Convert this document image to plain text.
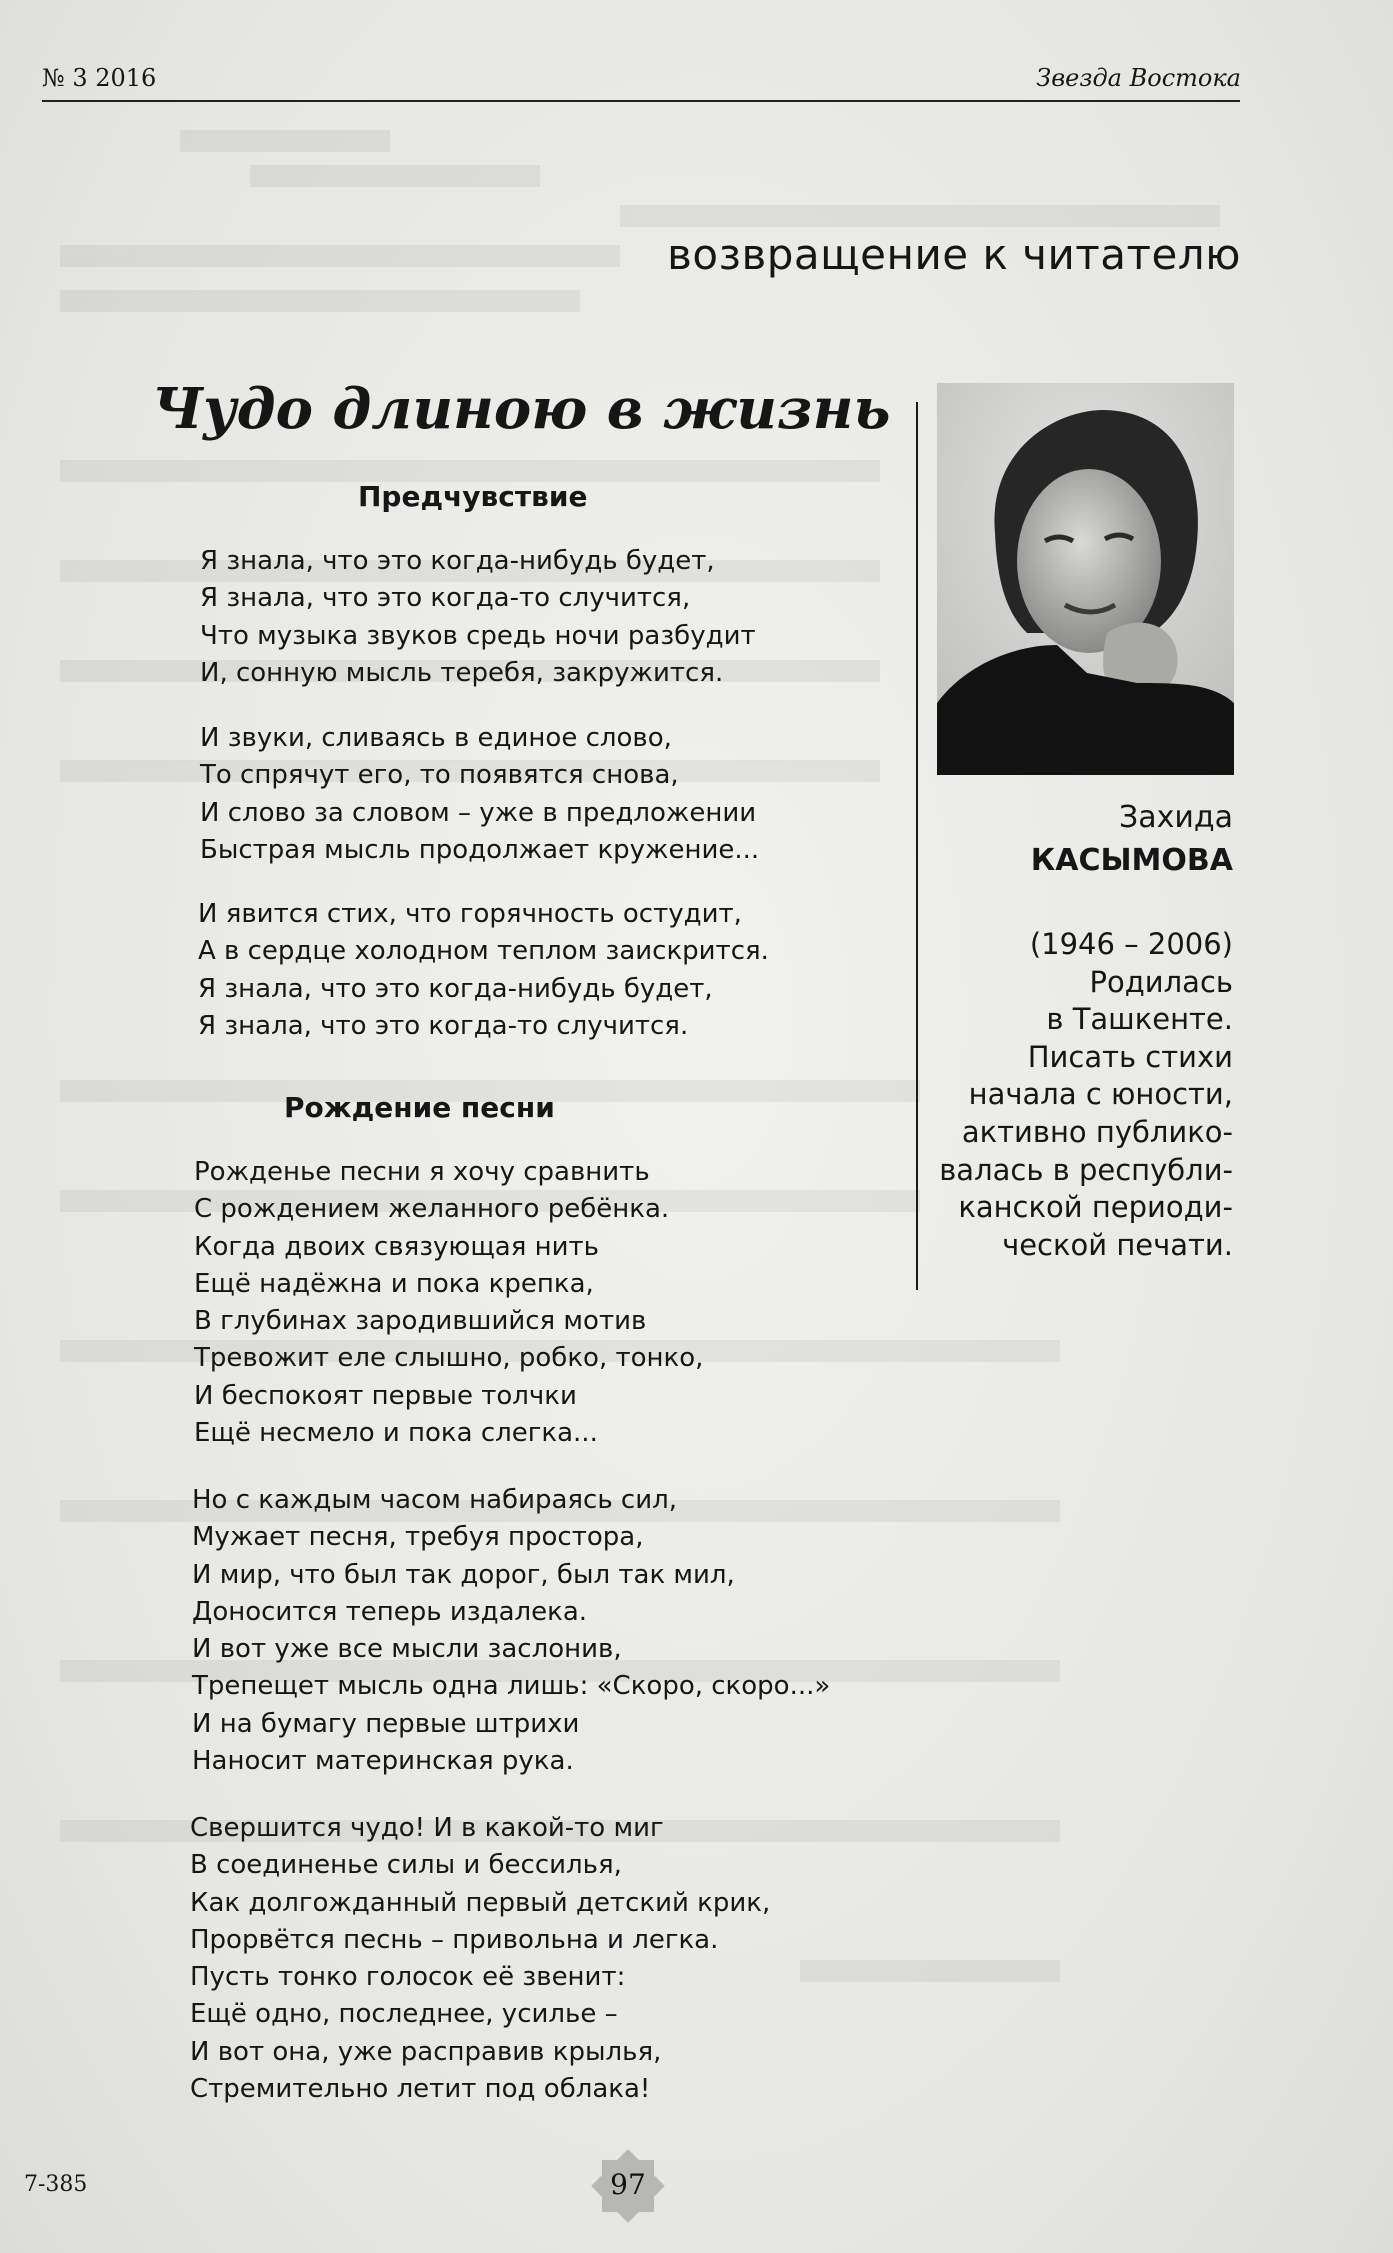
№ 3 2016	Звезда Востока
возвращение к читателю
Чудо длиною в жизнь
Предчувствие
Я знала, что это когда-нибудь будет,
Я знала, что это когда-то случится,
Что музыка звуков средь ночи разбудит
И, сонную мысль теребя, закружится.
И звуки, сливаясь в единое слово,
То спрячут его, то появятся снова,
И слово за словом – уже в предложении
Быстрая мысль продолжает кружение...
И явится стих, что горячность остудит,
А в сердце холодном теплом заискрится.
Я знала, что это когда-нибудь будет,
Я знала, что это когда-то случится.
Рождение песни
Рожденье песни я хочу сравнить
С рождением желанного ребёнка.
Когда двоих связующая нить
Ещё надёжна и пока крепка,
В глубинах зародившийся мотив
Тревожит еле слышно, робко, тонко,
И беспокоят первые толчки
Ещё несмело и пока слегка...
Но с каждым часом набираясь сил,
Мужает песня, требуя простора,
И мир, что был так дорог, был так мил,
Доносится теперь издалека.
И вот уже все мысли заслонив,
Трепещет мысль одна лишь: «Скоро, скоро...»
И на бумагу первые штрихи
Наносит материнская рука.
Свершится чудо! И в какой-то миг
В соединенье силы и бессилья,
Как долгожданный первый детский крик,
Прорвётся песнь – привольна и легка.
Пусть тонко голосок её звенит:
Ещё одно, последнее, усилье –
И вот она, уже расправив крылья,
Стремительно летит под облака!
Захида
КАСЫМОВА
(1946 – 2006)
Родилась
в Ташкенте.
Писать стихи
начала с юности,
активно публико-
валась в республи-
канской периоди-
ческой печати.
7-385	97
